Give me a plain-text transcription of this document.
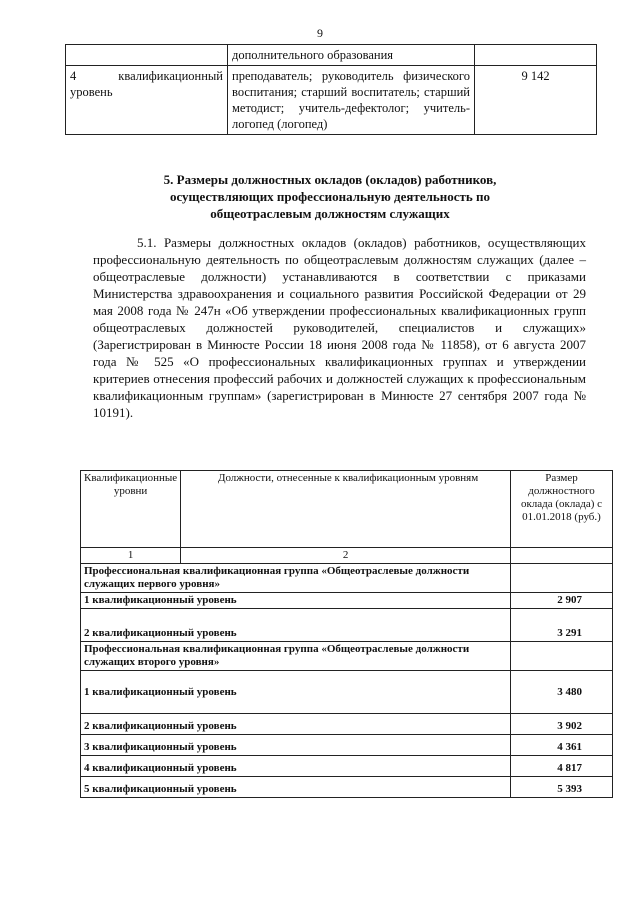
9
	дополнительного образования	
4 квалификационный уровень	преподаватель; руководитель физического воспитания; старший воспитатель; старший методист; учитель-дефектолог; учитель-логопед (логопед)	9 142
5. Размеры должностных окладов (окладов) работников,
осуществляющих профессиональную деятельность по
общеотраслевым должностям служащих
5.1. Размеры должностных окладов (окладов) работников, осуществляющих профессиональную деятельность по общеотраслевым должностям служащих (далее – общеотраслевые должности) устанавливаются в соответствии с приказами Министерства здравоохранения и социального развития Российской Федерации от 29 мая 2008 года № 247н «Об утверждении профессиональных квалификационных групп общеотраслевых должностей руководителей, специалистов и служащих» (Зарегистрирован в Минюсте России 18 июня 2008 года № 11858), от 6 августа 2007 года № 525 «О профессиональных квалификационных группах и утверждении критериев отнесения профессий рабочих и должностей служащих к профессиональным квалификационным группам» (зарегистрирован в Минюсте 27 сентября 2007 года № 10191).
Квалификационные уровни	Должности, отнесенные к квалификационным уровням	Размер должностного оклада (оклада) с 01.01.2018 (руб.)
1	2	
Профессиональная квалификационная группа «Общеотраслевые должности служащих первого уровня»		
1 квалификационный уровень		2 907
2 квалификационный уровень		3 291
Профессиональная квалификационная группа «Общеотраслевые должности служащих второго уровня»		
1 квалификационный уровень		3 480
2 квалификационный уровень		3 902
3 квалификационный уровень		4 361
4 квалификационный уровень		4 817
5 квалификационный уровень		5 393
